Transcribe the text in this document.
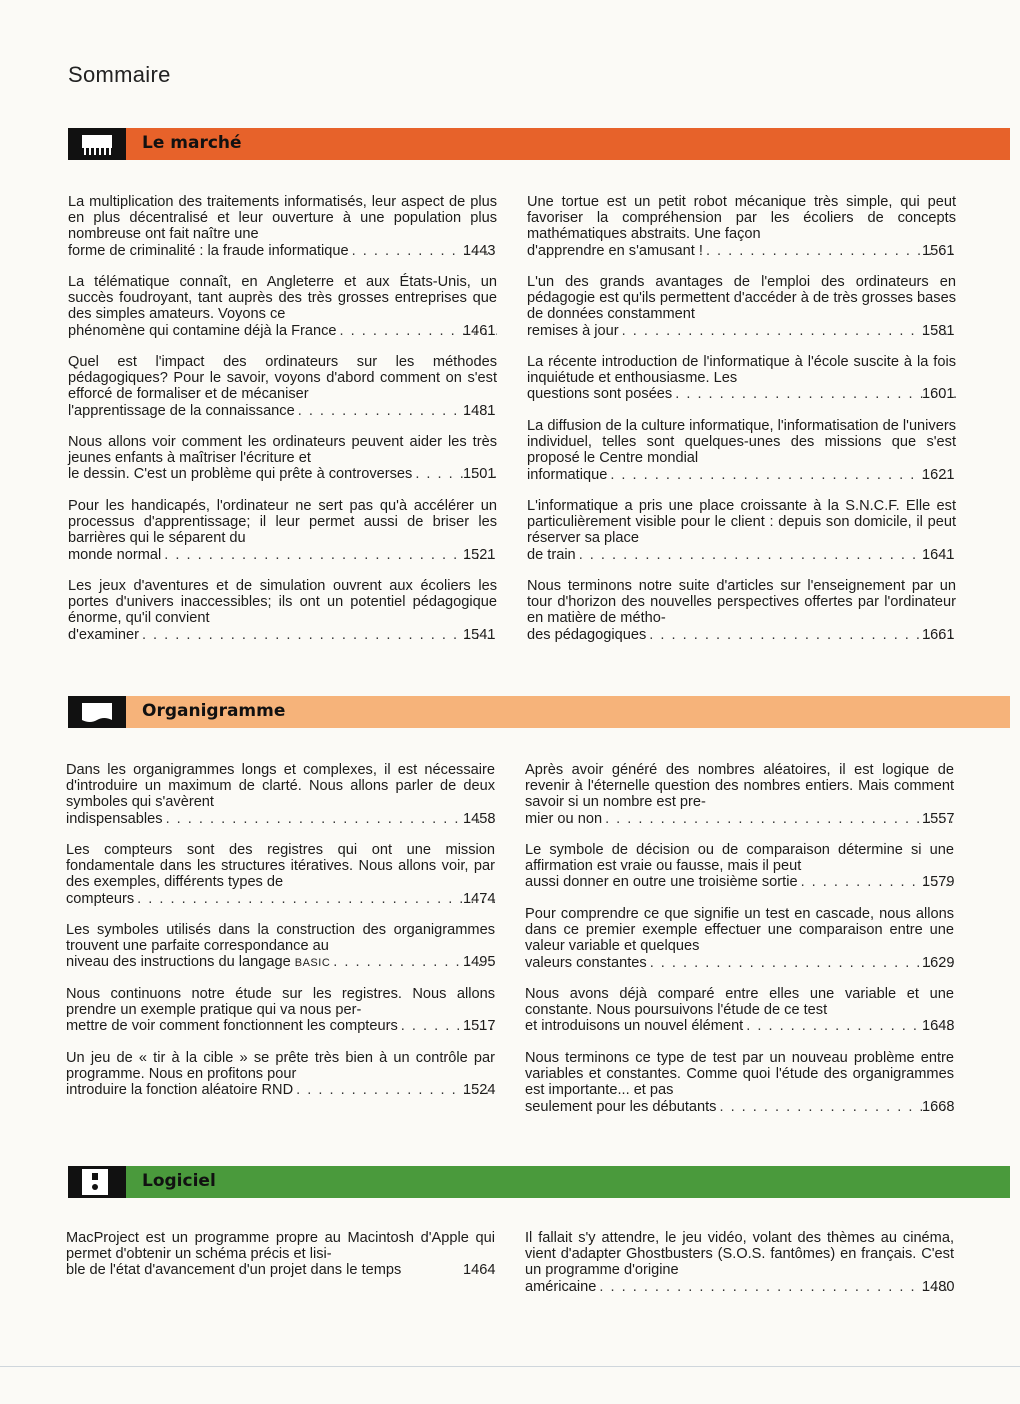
Sommaire
Le marché
Organigramme
Logiciel
La multiplication des traitements informatisés, leur aspect de plus en plus décentralisé et leur ouverture à une population plus nombreuse ont fait naître une
forme de criminalité : la fraude informatique . . .	1443
La télématique connaît, en Angleterre et aux États-Unis, un succès foudroyant, tant auprès des très grosses entreprises que des simples amateurs. Voyons ce
phénomène qui contamine déjà la France . . .	1461
Quel est l'impact des ordinateurs sur les méthodes pédagogiques? Pour le savoir, voyons d'abord comment on s'est efforcé de formaliser et de mécaniser
l'apprentissage de la connaissance . . .	1481
Nous allons voir comment les ordinateurs peuvent aider les très jeunes enfants à maîtriser l'écriture et
le dessin. C'est un problème qui prête à controverses . . .	1501
Pour les handicapés, l'ordinateur ne sert pas qu'à accélérer un processus d'apprentissage; il leur permet aussi de briser les barrières qui le séparent du
monde normal . . .	1521
Les jeux d'aventures et de simulation ouvrent aux écoliers les portes d'univers inaccessibles; ils ont un potentiel pédagogique énorme, qu'il convient
d'examiner . . .	1541
Une tortue est un petit robot mécanique très simple, qui peut favoriser la compréhension par les écoliers de concepts mathématiques abstraits. Une façon
d'apprendre en s'amusant ! . . .	1561
L'un des grands avantages de l'emploi des ordinateurs en pédagogie est qu'ils permettent d'accéder à de très grosses bases de données constamment
remises à jour . . .	1581
La récente introduction de l'informatique à l'école suscite à la fois inquiétude et enthousiasme. Les
questions sont posées . . .	1601
La diffusion de la culture informatique, l'informatisation de l'univers individuel, telles sont quelques-unes des missions que s'est proposé le Centre mondial
informatique . . .	1621
L'informatique a pris une place croissante à la S.N.C.F. Elle est particulièrement visible pour le client : depuis son domicile, il peut réserver sa place
de train . . .	1641
Nous terminons notre suite d'articles sur l'enseignement par un tour d'horizon des nouvelles perspectives offertes par l'ordinateur en matière de métho-
des pédagogiques . . .	1661
Dans les organigrammes longs et complexes, il est nécessaire d'introduire un maximum de clarté. Nous allons parler de deux symboles qui s'avèrent
indispensables . . .	1458
Les compteurs sont des registres qui ont une mission fondamentale dans les structures itératives. Nous allons voir, par des exemples, différents types de
compteurs . . .	1474
Les symboles utilisés dans la construction des organigrammes trouvent une parfaite correspondance au
niveau des instructions du langage BASIC . . .	1495
Nous continuons notre étude sur les registres. Nous allons prendre un exemple pratique qui va nous per-
mettre de voir comment fonctionnent les compteurs . . .	1517
Un jeu de « tir à la cible » se prête très bien à un contrôle par programme. Nous en profitons pour
introduire la fonction aléatoire RND . . .	1524
Après avoir généré des nombres aléatoires, il est logique de revenir à l'éternelle question des nombres entiers. Mais comment savoir si un nombre est pre-
mier ou non . . .	1557
Le symbole de décision ou de comparaison détermine si une affirmation est vraie ou fausse, mais il peut
aussi donner en outre une troisième sortie . . .	1579
Pour comprendre ce que signifie un test en cascade, nous allons dans ce premier exemple effectuer une comparaison entre une valeur variable et quelques
valeurs constantes . . .	1629
Nous avons déjà comparé entre elles une variable et une constante. Nous poursuivons l'étude de ce test
et introduisons un nouvel élément . . .	1648
Nous terminons ce type de test par un nouveau problème entre variables et constantes. Comme quoi l'étude des organigrammes est importante... et pas
seulement pour les débutants . . .	1668
MacProject est un programme propre au Macintosh d'Apple qui permet d'obtenir un schéma précis et lisi-
ble de l'état d'avancement d'un projet dans le temps	1464
Il fallait s'y attendre, le jeu vidéo, volant des thèmes au cinéma, vient d'adapter Ghostbusters (S.O.S. fantômes) en français. C'est un programme d'origine
américaine . . .	1480
